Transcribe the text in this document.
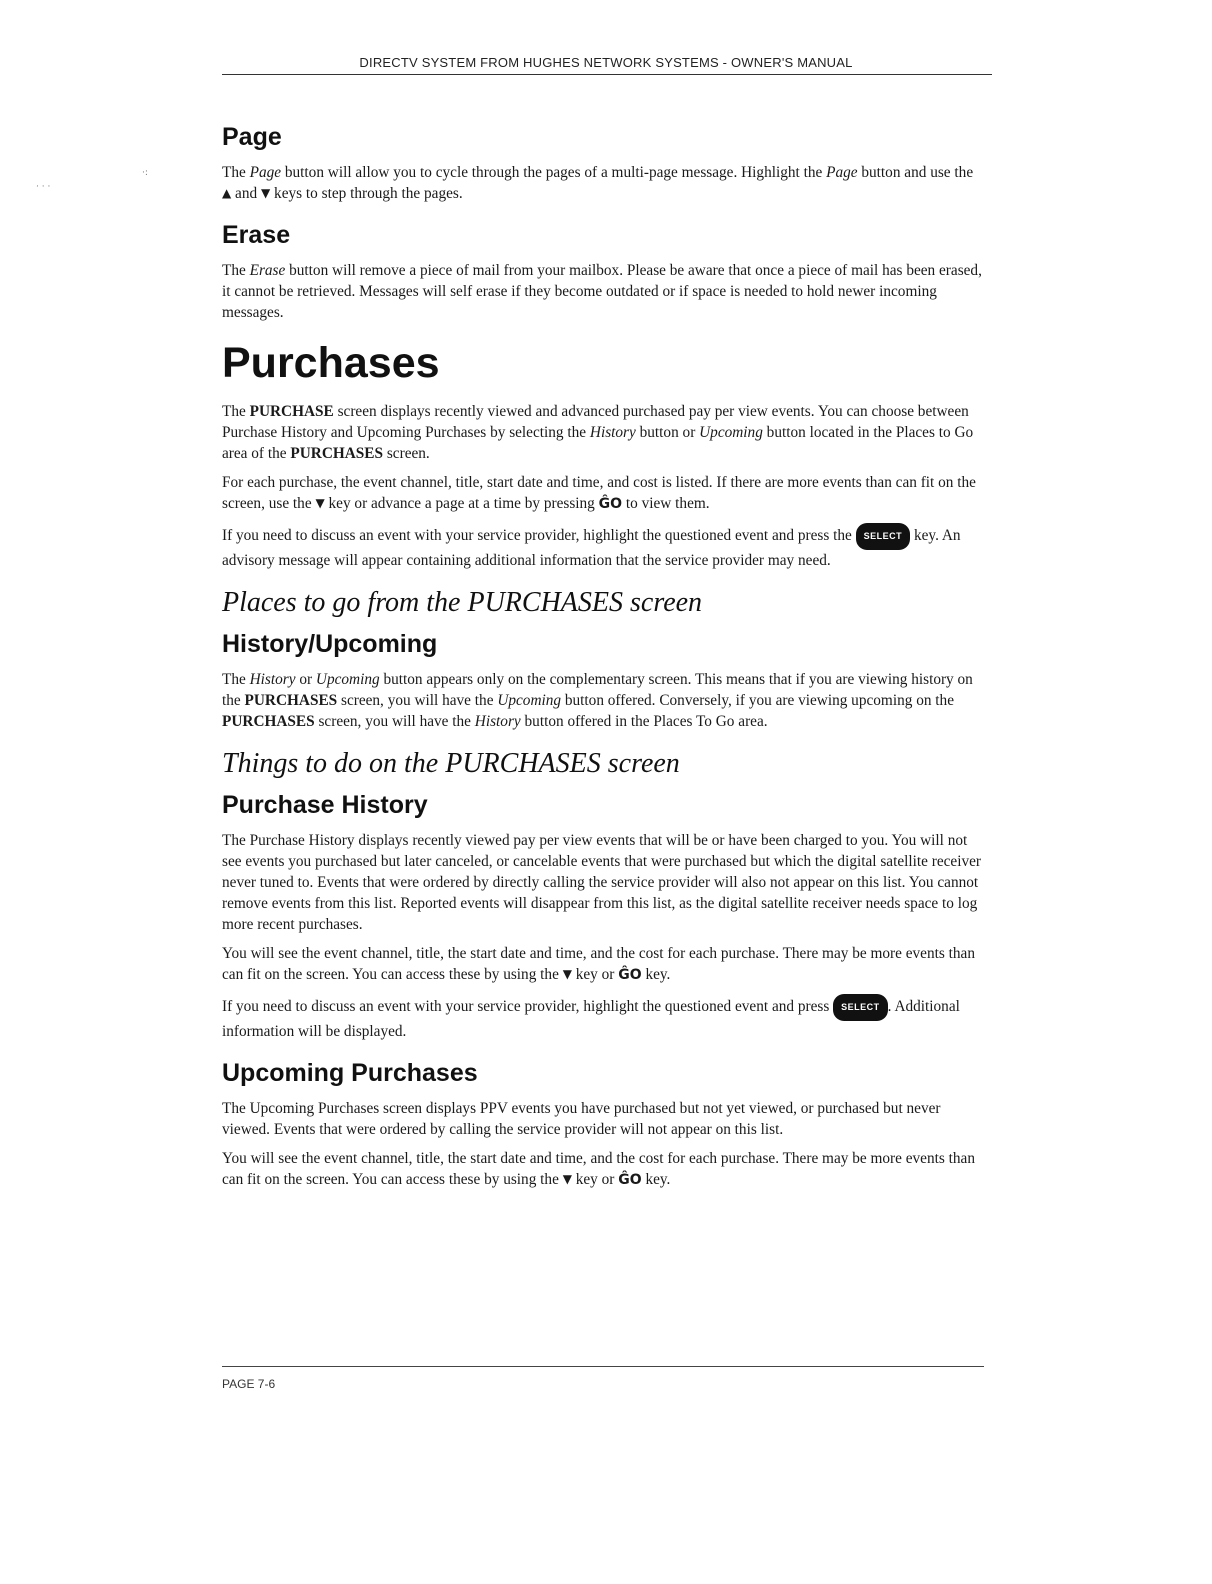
DIRECTV SYSTEM FROM HUGHES NETWORK SYSTEMS - OWNER'S MANUAL
·:
· · ·
Page

The Page button will allow you to cycle through the pages of a multi-page message. Highlight the Page button and use the ▲ and ▼ keys to step through the pages.

Erase

The Erase button will remove a piece of mail from your mailbox. Please be aware that once a piece of mail has been erased, it cannot be retrieved. Messages will self erase if they become outdated or if space is needed to hold newer incoming messages.

Purchases

The PURCHASE screen displays recently viewed and advanced purchased pay per view events. You can choose between Purchase History and Upcoming Purchases by selecting the History button or Upcoming button located in the Places to Go area of the PURCHASES screen.

For each purchase, the event channel, title, start date and time, and cost is listed. If there are more events than can fit on the screen, use the ▼ key or advance a page at a time by pressing ĜO to view them.

If you need to discuss an event with your service provider, highlight the questioned event and press the SELECT key. An advisory message will appear containing additional information that the service provider may need.

Places to go from the PURCHASES screen
History/Upcoming

The History or Upcoming button appears only on the complementary screen. This means that if you are viewing history on the PURCHASES screen, you will have the Upcoming button offered. Conversely, if you are viewing upcoming on the PURCHASES screen, you will have the History button offered in the Places To Go area.

Things to do on the PURCHASES screen
Purchase History

The Purchase History displays recently viewed pay per view events that will be or have been charged to you. You will not see events you purchased but later canceled, or cancelable events that were purchased but which the digital satellite receiver never tuned to. Events that were ordered by directly calling the service provider will also not appear on this list. You cannot remove events from this list. Reported events will disappear from this list, as the digital satellite receiver needs space to log more recent purchases.

You will see the event channel, title, the start date and time, and the cost for each purchase. There may be more events than can fit on the screen. You can access these by using the ▼ key or ĜO key.

If you need to discuss an event with your service provider, highlight the questioned event and press SELECT . Additional information will be displayed.

Upcoming Purchases

The Upcoming Purchases screen displays PPV events you have purchased but not yet viewed, or purchased but never viewed. Events that were ordered by calling the service provider will not appear on this list.

You will see the event channel, title, the start date and time, and the cost for each purchase. There may be more events than can fit on the screen. You can access these by using the ▼ key or ĜO key.

PAGE 7-6
